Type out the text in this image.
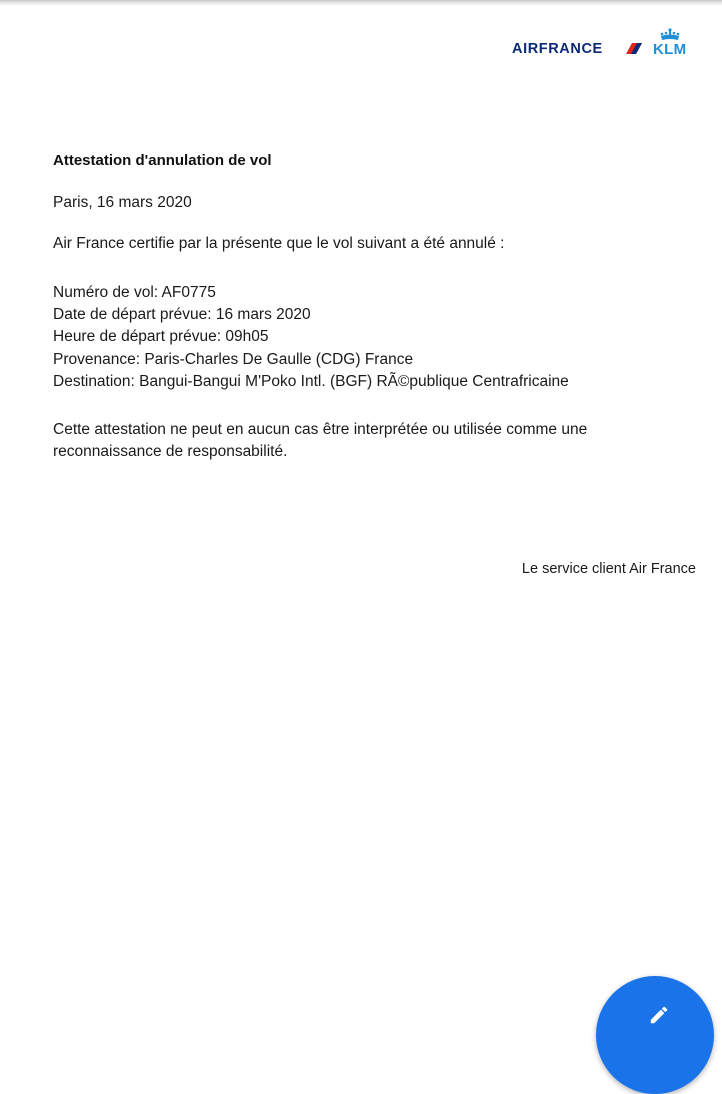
AIRFRANCE	KLM
Attestation d'annulation de vol
Paris, 16 mars 2020
Air France certifie par la présente que le vol suivant a été annulé :
Numéro de vol: AF0775
Date de départ prévue: 16 mars 2020
Heure de départ prévue: 09h05
Provenance: Paris-Charles De Gaulle (CDG) France
Destination: Bangui-Bangui M'Poko Intl. (BGF) RÃ©publique Centrafricaine
Cette attestation ne peut en aucun cas être interprétée ou utilisée comme une
reconnaissance de responsabilité.
Le service client Air France
